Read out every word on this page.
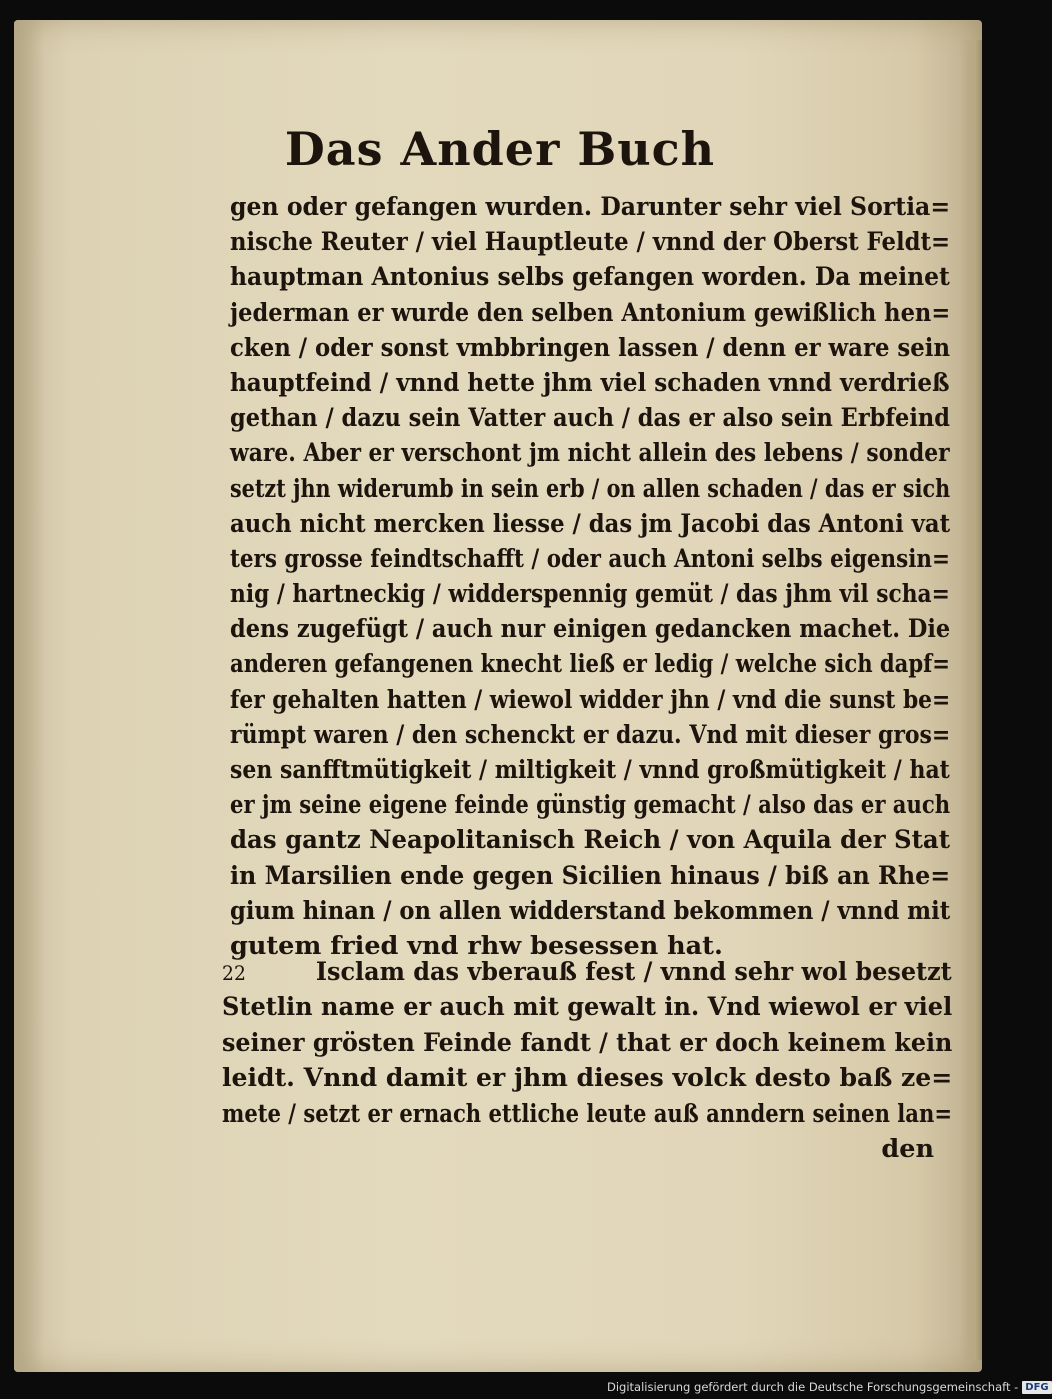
Das Ander Buch
gen oder gefangen wurden. Darunter sehr viel Sortia=
nische Reuter / viel Hauptleute / vnnd der Oberst Feldt=
hauptman Antonius selbs gefangen worden. Da meinet
jederman er wurde den selben Antonium gewißlich hen=
cken / oder sonst vmbbringen lassen / denn er ware sein
hauptfeind / vnnd hette jhm viel schaden vnnd verdrieß
gethan / dazu sein Vatter auch / das er also sein Erbfeind
ware. Aber er verschont jm nicht allein des lebens / sonder
setzt jhn widerumb in sein erb / on allen schaden / das er sich
auch nicht mercken liesse / das jm Jacobi das Antoni vat
ters grosse feindtschafft / oder auch Antoni selbs eigensin=
nig / hartneckig / widderspennig gemüt / das jhm vil scha=
dens zugefügt / auch nur einigen gedancken machet. Die
anderen gefangenen knecht ließ er ledig / welche sich dapf=
fer gehalten hatten / wiewol widder jhn / vnd die sunst be=
rümpt waren / den schenckt er dazu. Vnd mit dieser gros=
sen sanfftmütigkeit / miltigkeit / vnnd großmütigkeit / hat
er jm seine eigene feinde günstig gemacht / also das er auch
das gantz Neapolitanisch Reich / von Aquila der Stat
in Marsilien ende gegen Sicilien hinaus / biß an Rhe=
gium hinan / on allen widderstand bekommen / vnnd mit
gutem fried vnd rhw besessen hat.
22	Isclam das vberauß fest / vnnd sehr wol besetzt
Stetlin name er auch mit gewalt in. Vnd wiewol er viel
seiner grösten Feinde fandt / that er doch keinem kein
leidt. Vnnd damit er jhm dieses volck desto baß ze=
mete / setzt er ernach ettliche leute auß anndern seinen lan=
den
Digitalisierung gefördert durch die Deutsche Forschungsgemeinschaft - DFG
